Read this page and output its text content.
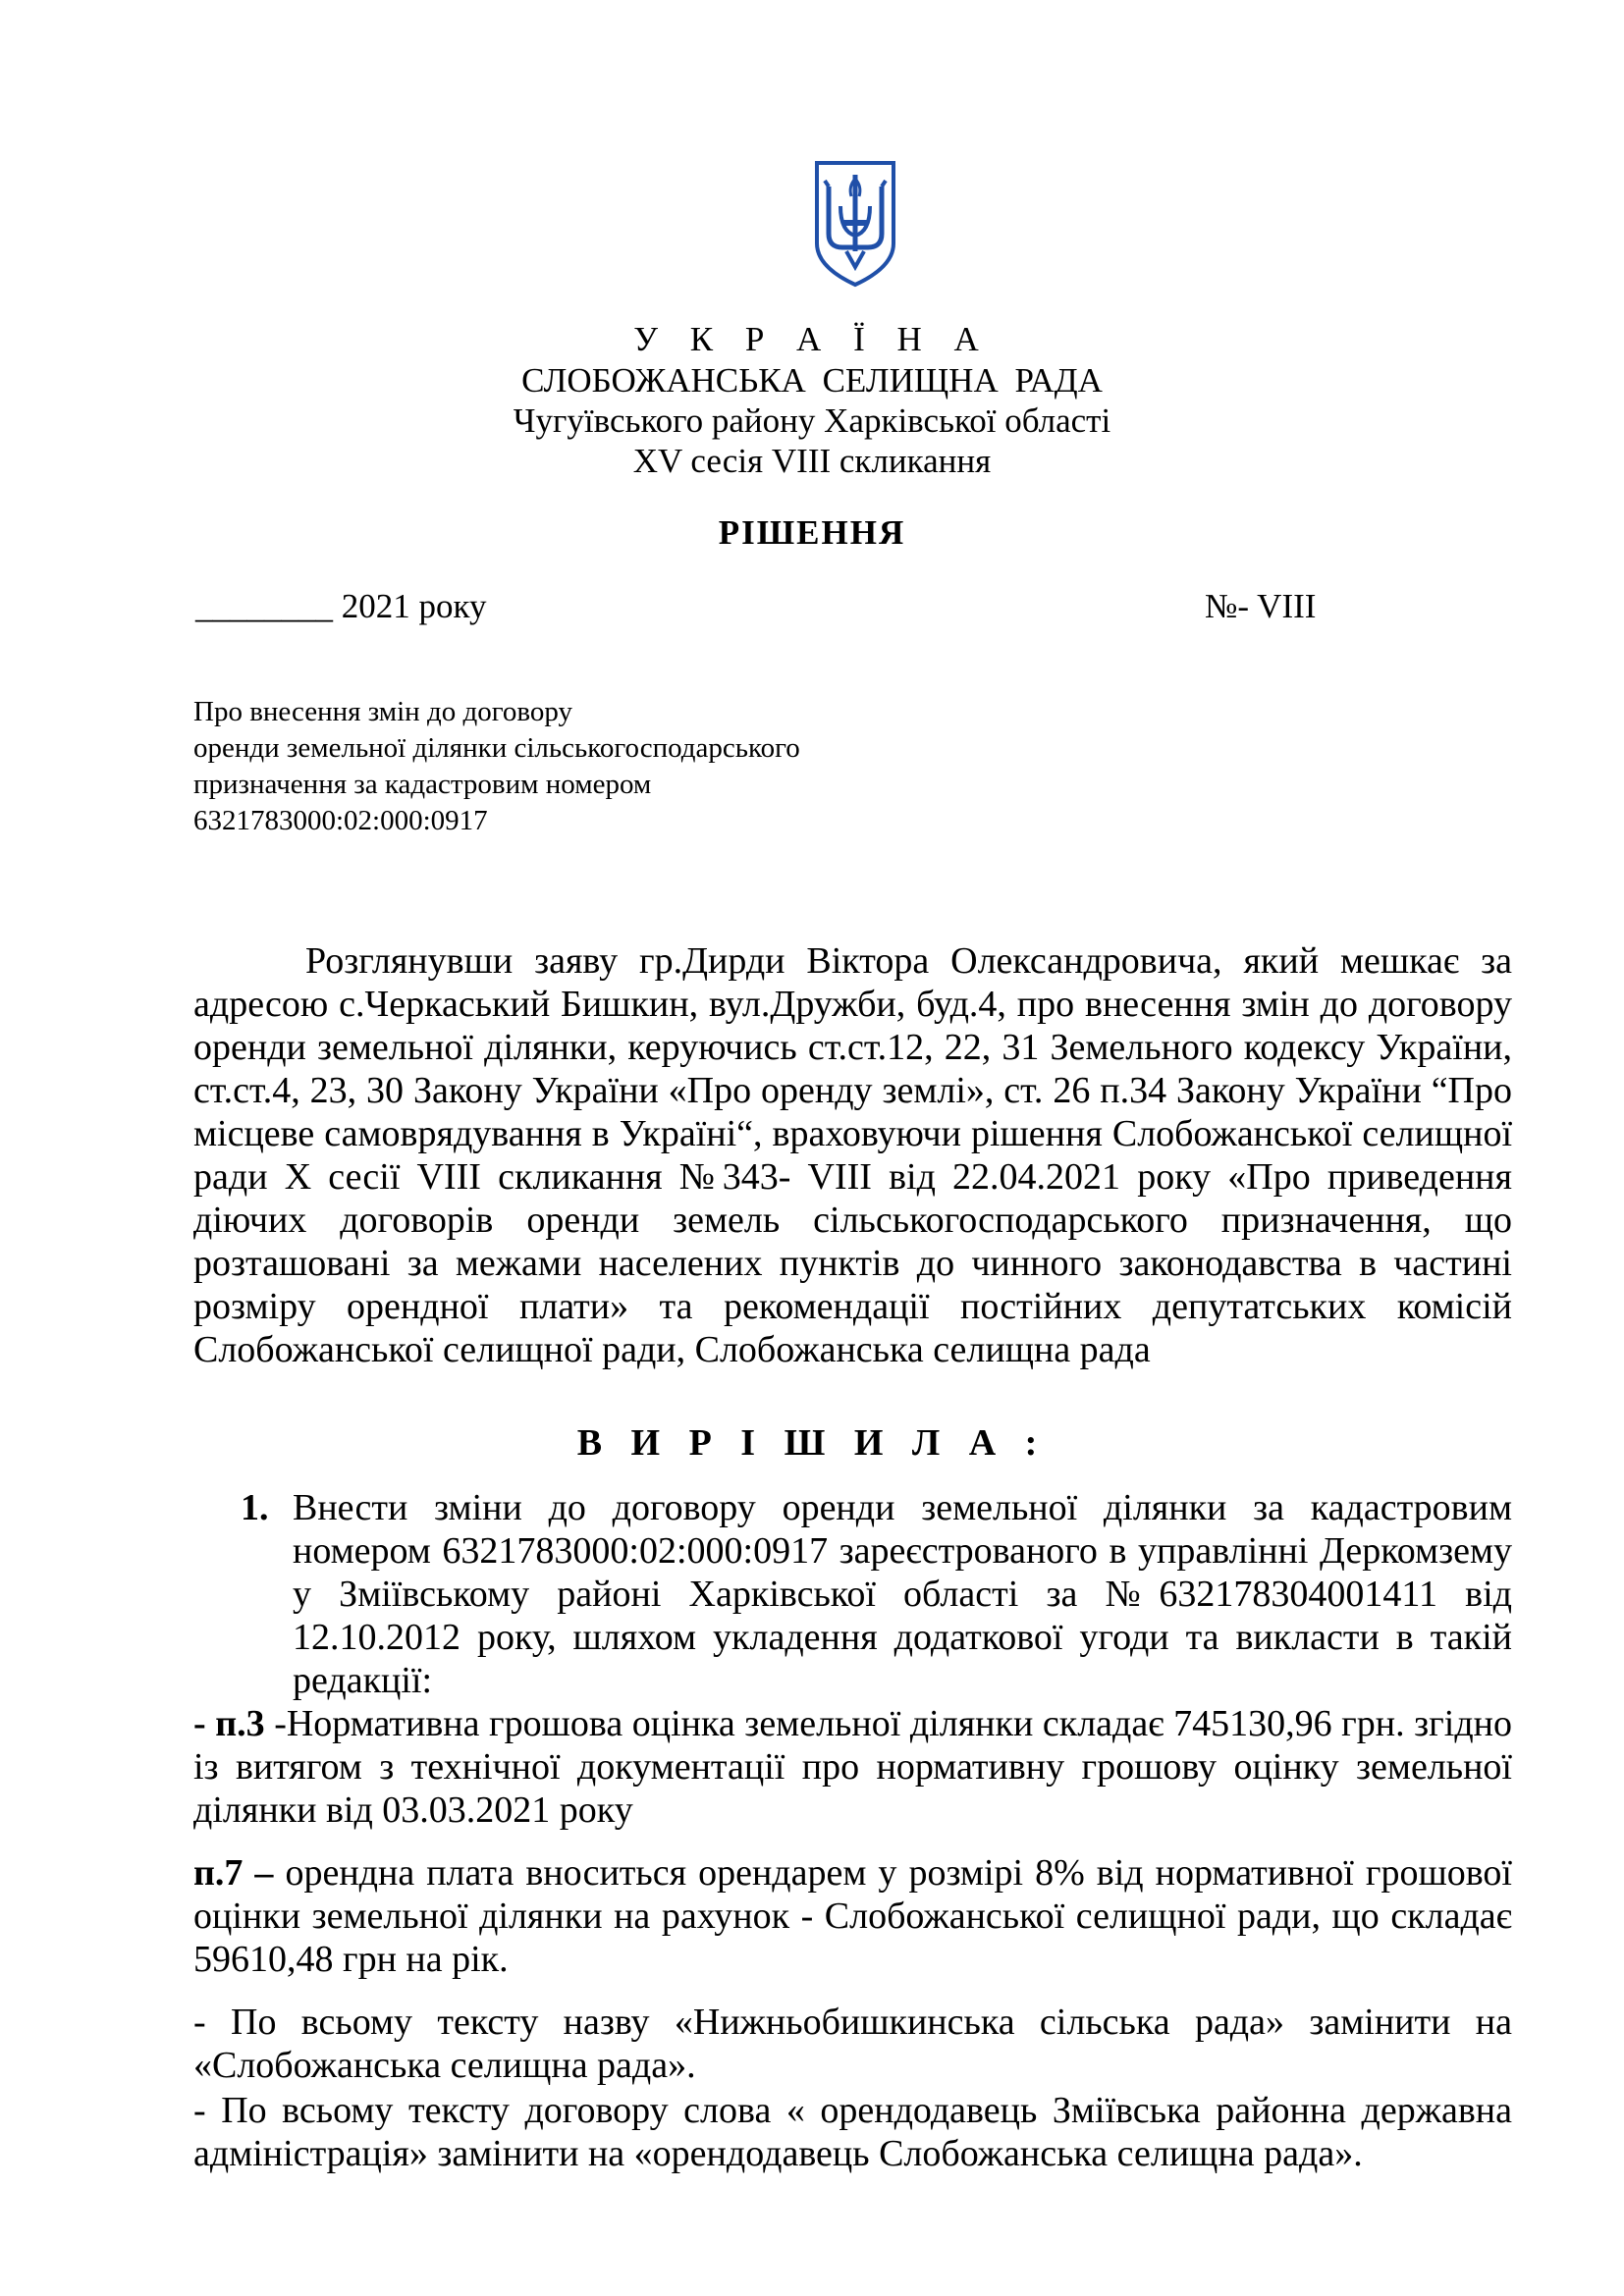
У К Р А Ї Н А
СЛОБОЖАНСЬКА СЕЛИЩНА РАДА
Чугуївського району Харківської області
XV сесія VIII скликання
РІШЕННЯ
________ 2021 року	№- VIII
Про внесення змін до договору
оренди земельної ділянки сільськогосподарського
призначення за кадастровим номером
6321783000:02:000:0917
Розглянувши заяву гр.Дирди Віктора Олександровича, який мешкає за адресою с.Черкаський Бишкин, вул.Дружби, буд.4, про внесення змін до договору оренди земельної ділянки, керуючись ст.ст.12, 22, 31 Земельного кодексу України, ст.ст.4, 23, 30 Закону України «Про оренду землі», ст. 26 п.34 Закону України “Про місцеве самоврядування в Україні“, враховуючи рішення Слобожанської селищної ради X сесії VIII скликання №343- VIII від 22.04.2021 року «Про приведення діючих договорів оренди земель сільськогосподарського призначення, що розташовані за межами населених пунктів до чинного законодавства в частині розміру орендної плати» та рекомендації постійних депутатських комісій Слобожанської селищної ради, Слобожанська селищна рада
В И Р І Ш И Л А :
1. Внести зміни до договору оренди земельної ділянки за кадастровим номером 6321783000:02:000:0917 зареєстрованого в управлінні Деркомзему у Зміївському районі Харківської області за №632178304001411 від 12.10.2012 року, шляхом укладення додаткової угоди та викласти в такій редакції:
- п.3 -Нормативна грошова оцінка земельної ділянки складає 745130,96 грн. згідно із витягом з технічної документації про нормативну грошову оцінку земельної ділянки від 03.03.2021 року
п.7 – орендна плата вноситься орендарем у розмірі 8% від нормативної грошової оцінки земельної ділянки на рахунок - Слобожанської селищної ради, що складає 59610,48 грн на рік.
- По всьому тексту назву «Нижньобишкинська сільська рада» замінити на «Слобожанська селищна рада».
- По всьому тексту договору слова « орендодавець Зміївська районна державна адміністрація» замінити на «орендодавець Слобожанська селищна рада».
